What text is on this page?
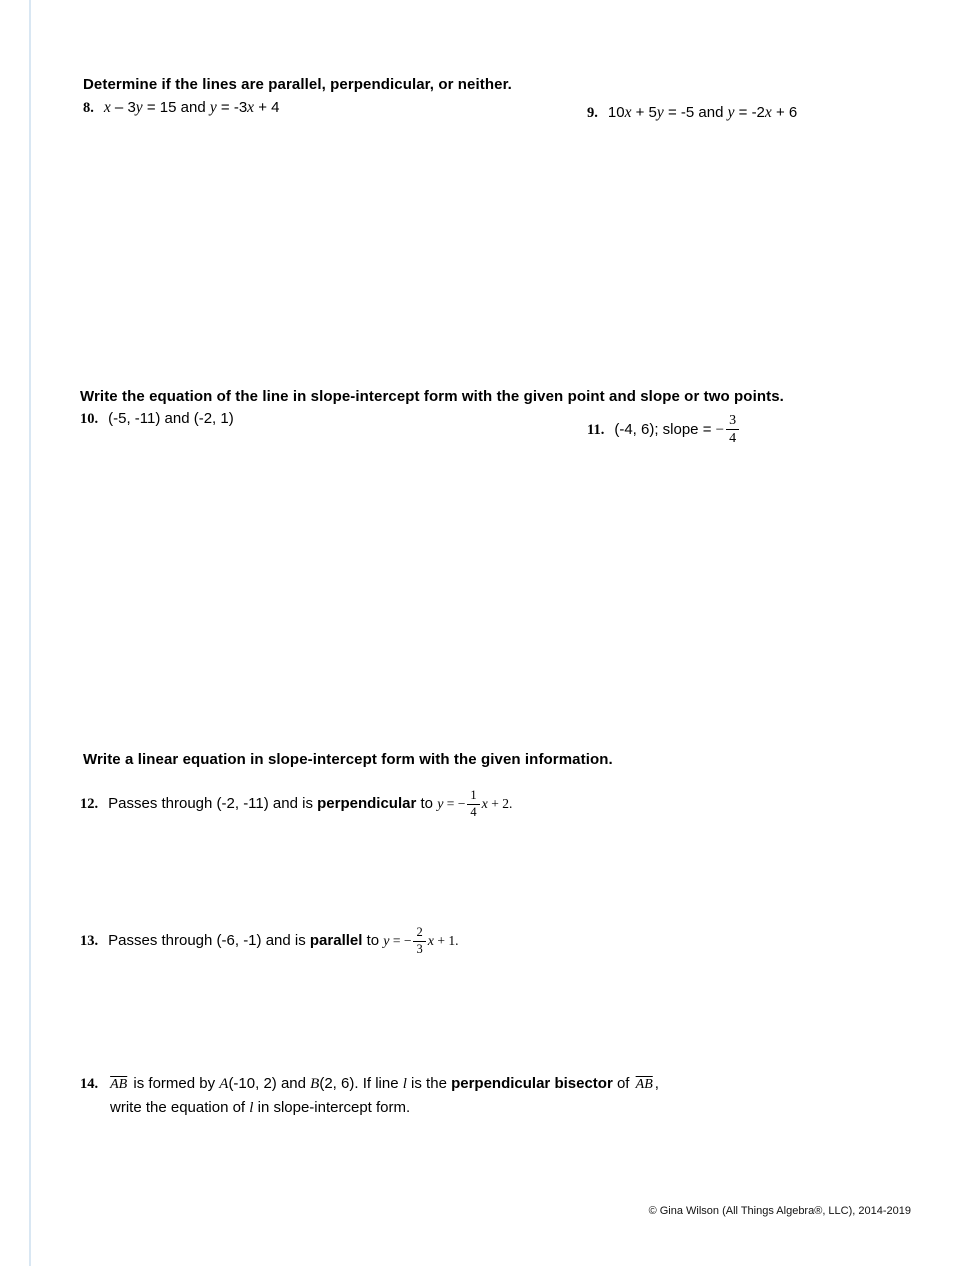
Determine if the lines are parallel, perpendicular, or neither.
8. x – 3y = 15 and y = -3x + 4	9. 10x + 5y = -5 and y = -2x + 6
Write the equation of the line in slope-intercept form with the given point and slope or two points.
10. (-5, -11) and (-2, 1)
11. (-4, 6); slope = − $\frac{3}{4}$
Write a linear equation in slope-intercept form with the given information.
12. Passes through (-2, -11) and is perpendicular to y = − $\frac{1}{4}$ x + 2.
13. Passes through (-6, -1) and is parallel to y = − $\frac{2}{3}$ x + 1.
14. $\overline{AB}$ is formed by A(-10, 2) and B(2, 6). If line l is the perpendicular bisector of $\overline{AB}$ ,
write the equation of l in slope-intercept form.
© Gina Wilson (All Things Algebra®, LLC), 2014-2019
